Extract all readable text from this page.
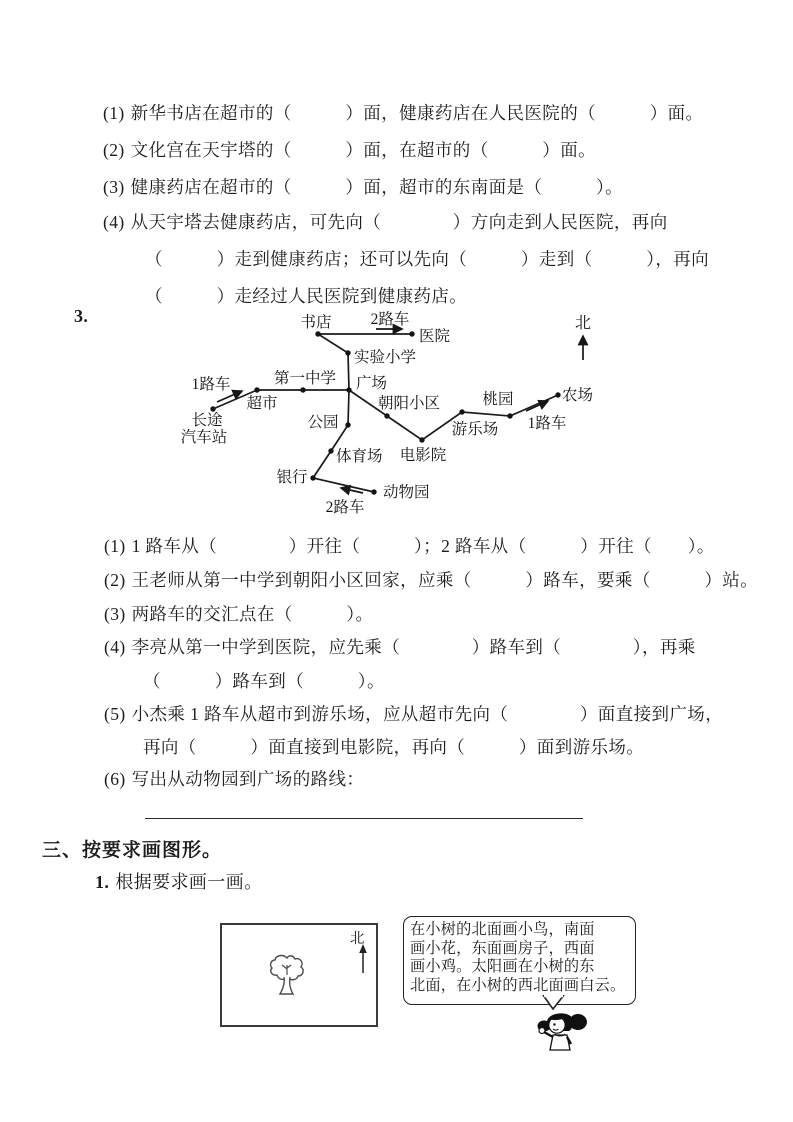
(1) 新华书店在超市的（　　　）面，健康药店在人民医院的（　　　）面。
(2) 文化宫在天宇塔的（　　　）面，在超市的（　　　）面。
(3) 健康药店在超市的（　　　）面，超市的东南面是（　　　）。
(4) 从天宇塔去健康药店，可先向（　　　　）方向走到人民医院，再向
（　　　）走到健康药店；还可以先向（　　　）走到（　　　），再向
（　　　）走经过人民医院到健康药店。
3.	书店	2路车
医院
实验小学
第一中学 广场
1路车
超市
长途
汽车站
朝阳小区
公园
体育场
银行
动物园
2路车
电影院
游乐场
桃园	农场
1路车
北
(1) 1 路车从（　　　　）开往（　　　）；2 路车从（　　　）开往（　　）。
(2) 王老师从第一中学到朝阳小区回家，应乘（　　　）路车，要乘（　　　）站。
(3) 两路车的交汇点在（　　　）。
(4) 李亮从第一中学到医院，应先乘（　　　　）路车到（　　　　），再乘
（　　　）路车到（　　　）。
(5) 小杰乘 1 路车从超市到游乐场，应从超市先向（　　　　）面直接到广场，
再向（　　　）面直接到电影院，再向（　　　）面到游乐场。
(6) 写出从动物园到广场的路线：
三、按要求画图形。
1. 根据要求画一画。
北
在小树的北面画小鸟，南面
画小花，东面画房子，西面
画小鸡。太阳画在小树的东
北面，在小树的西北面画白云。
